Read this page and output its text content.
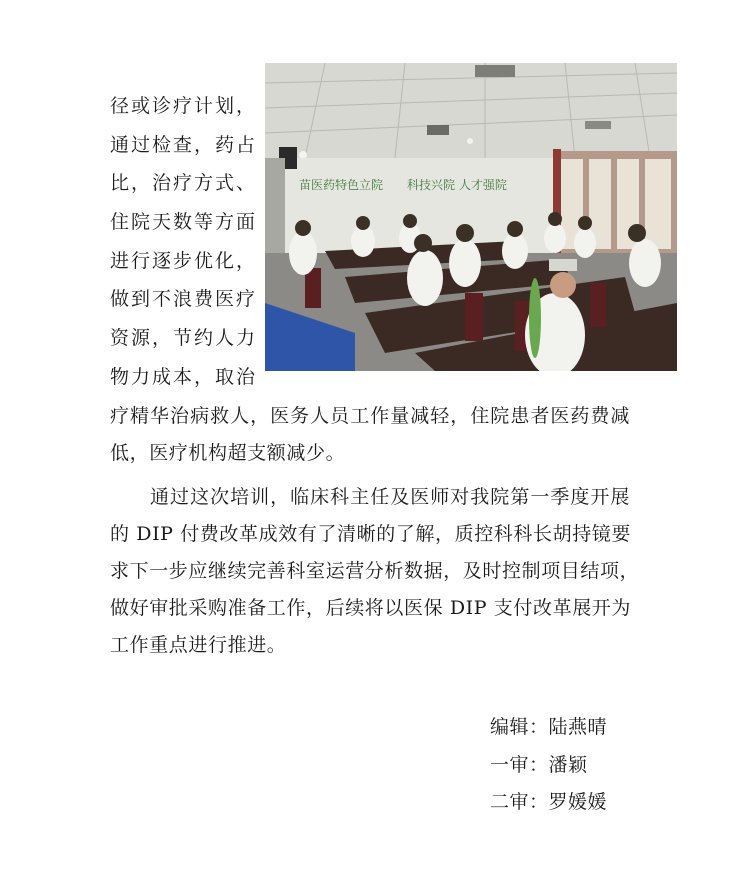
径或诊疗计划，
通过检查，药占
比，治疗方式、
住院天数等方面
进行逐步优化，
做到不浪费医疗
资源，节约人力
物力成本，取治
苗医药特色立院 科技兴院 人才强院
疗精华治病救人，医务人员工作量减轻，住院患者医药费减
低，医疗机构超支额减少。
　　通过这次培训，临床科主任及医师对我院第一季度开展
的 DIP 付费改革成效有了清晰的了解，质控科科长胡持镜要
求下一步应继续完善科室运营分析数据，及时控制项目结项，
做好审批采购准备工作，后续将以医保 DIP 支付改革展开为
工作重点进行推进。
编辑：陆燕晴
一审：潘颖
二审：罗媛媛
